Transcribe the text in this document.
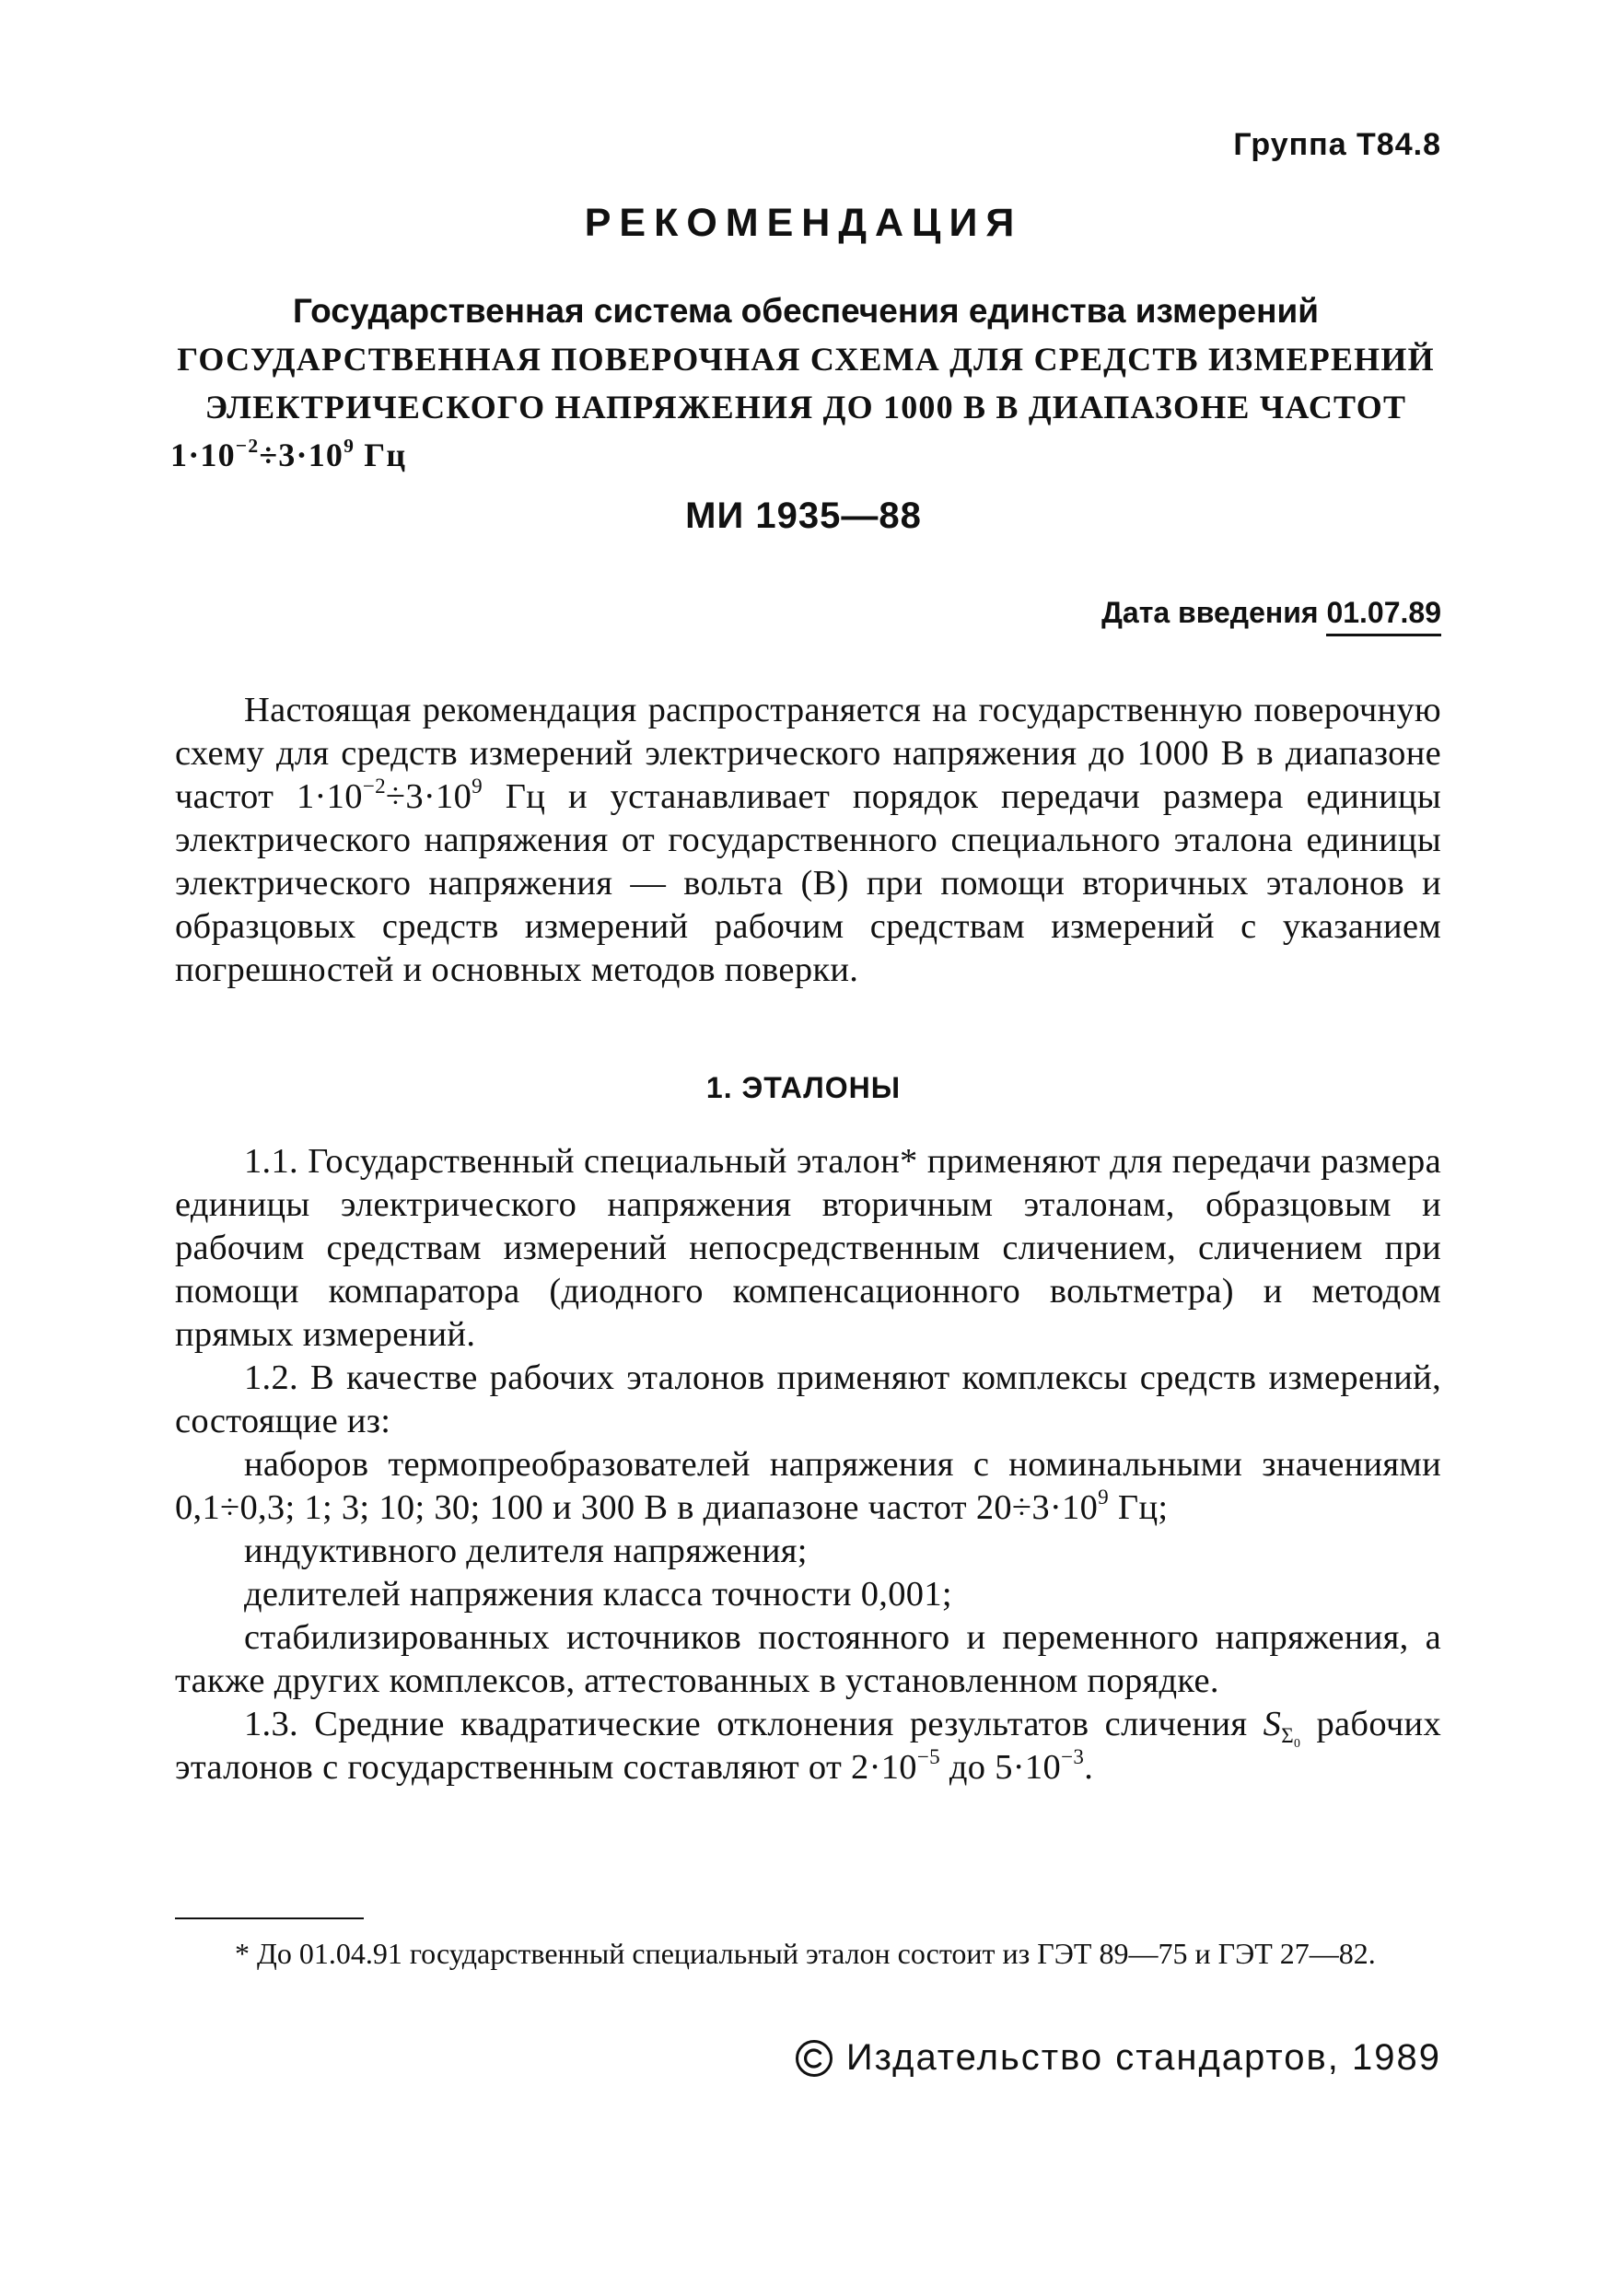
Группа Т84.8
РЕКОМЕНДАЦИЯ
Государственная система обеспечения единства измерений
ГОСУДАРСТВЕННАЯ ПОВЕРОЧНАЯ СХЕМА ДЛЯ СРЕДСТВ ИЗМЕРЕНИЙ
ЭЛЕКТРИЧЕСКОГО НАПРЯЖЕНИЯ ДО 1000 В В ДИАПАЗОНЕ ЧАСТОТ
$1\cdot 10^{-2}\div 3\cdot 10^9$ Гц
МИ 1935—88
Дата введения 01.07.89

Настоящая рекомендация распространяется на государственную поверочную схему для средств измерений электрического напряжения до 1000 В в диапазоне частот $1\cdot 10^{-2}\div 3\cdot 10^9$ Гц и устанавливает порядок передачи размера единицы электрического напряжения от государственного специального эталона единицы электрического напряжения — вольта (В) при помощи вторичных эталонов и образцовых средств измерений рабочим средствам измерений с указанием погрешностей и основных методов поверки.

1. ЭТАЛОНЫ

1.1. Государственный специальный эталон* применяют для передачи размера единицы электрического напряжения вторичным эталонам, образцовым и рабочим средствам измерений непосредственным сличением, сличением при помощи компаратора (диодного компенсационного вольтметра) и методом прямых измерений.

1.2. В качестве рабочих эталонов применяют комплексы средств измерений, состоящие из:

наборов термопреобразователей напряжения с номинальными значениями 0,1÷0,3; 1; 3; 10; 30; 100 и 300 В в диапазоне частот $20\div 3\cdot 10^9$ Гц;

индуктивного делителя напряжения;

делителей напряжения класса точности 0,001;

стабилизированных источников постоянного и переменного напряжения, а также других комплексов, аттестованных в установленном порядке.

1.3. Средние квадратические отклонения результатов сличения $S_{\Sigma_0}$ рабочих эталонов с государственным составляют от $2\cdot 10^{-5}$ до $5\cdot 10^{-3}$.

* До 01.04.91 государственный специальный эталон состоит из ГЭТ 89—75 и ГЭТ 27—82.
Издательство стандартов, 1989
